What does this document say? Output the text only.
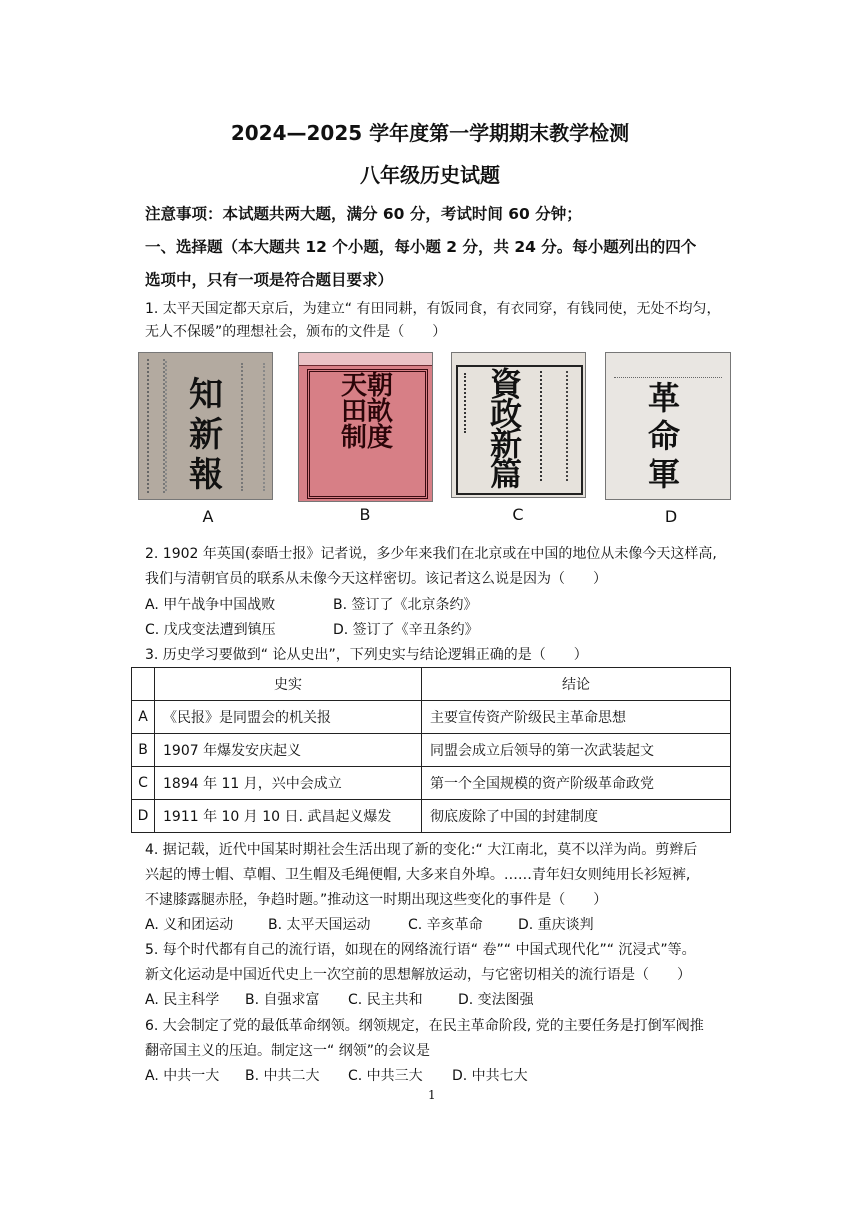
2024—2025 学年度第一学期期末教学检测
八年级历史试题
注意事项：本试题共两大题，满分 60 分，考试时间 60 分钟；
一、选择题（本大题共 12 个小题，每小题 2 分，共 24 分。每小题列出的四个
选项中，只有一项是符合题目要求）
1. 太平天国定都天京后，为建立“ 有田同耕，有饭同食，有衣同穿，有钱同使，无处不均匀，
无人不保暖”的理想社会，颁布的文件是（　　）
知新報
A
天朝田畝制度
B
資政新篇
C
革命軍
D
2. 1902 年英国(泰晤士报》记者说，多少年来我们在北京或在中国的地位从未像今天这样高,
我们与清朝官员的联系从未像今天这样密切。该记者这么说是因为（　　）
A. 甲午战争中国战败	B. 签订了《北京条约》
C. 戊戌变法遭到镇压	D. 签订了《辛丑条约》
3. 历史学习要做到“ 论从史出”，下列史实与结论逻辑正确的是（　　）
	史实	结论
A	《民报》是同盟会的机关报	主要宣传资产阶级民主革命思想
B	1907 年爆发安庆起义	同盟会成立后领导的第一次武装起文
C	1894 年 11 月，兴中会成立	第一个全国规模的资产阶级革命政党
D	1911 年 10 月 10 日. 武昌起义爆发	彻底废除了中国的封建制度
4. 据记载，近代中国某时期社会生活出现了新的变化:“ 大江南北，莫不以洋为尚。剪辫后
兴起的博士帽、草帽、卫生帽及毛绳便帽, 大多来自外埠。……青年妇女则纯用长衫短裤,
不逮膝露腿赤胫，争趋时题。”推动这一时期出现这些变化的事件是（　　）
A. 义和团运动 B. 太平天国运动	C. 辛亥革命	D. 重庆谈判
5. 每个时代都有自己的流行语，如现在的网络流行语“ 卷”“ 中国式现代化”“ 沉浸式”等。
新文化运动是中国近代史上一次空前的思想解放运动，与它密切相关的流行语是（　　）
A. 民主科学 B. 自强求富 C. 民主共和	D. 变法图强
6. 大会制定了党的最低革命纲领。纲领规定，在民主革命阶段, 党的主要任务是打倒军阀推
翻帝国主义的压迫。制定这一“ 纲领”的会议是
A. 中共一大 B. 中共二大 C. 中共三大 D. 中共七大
1
